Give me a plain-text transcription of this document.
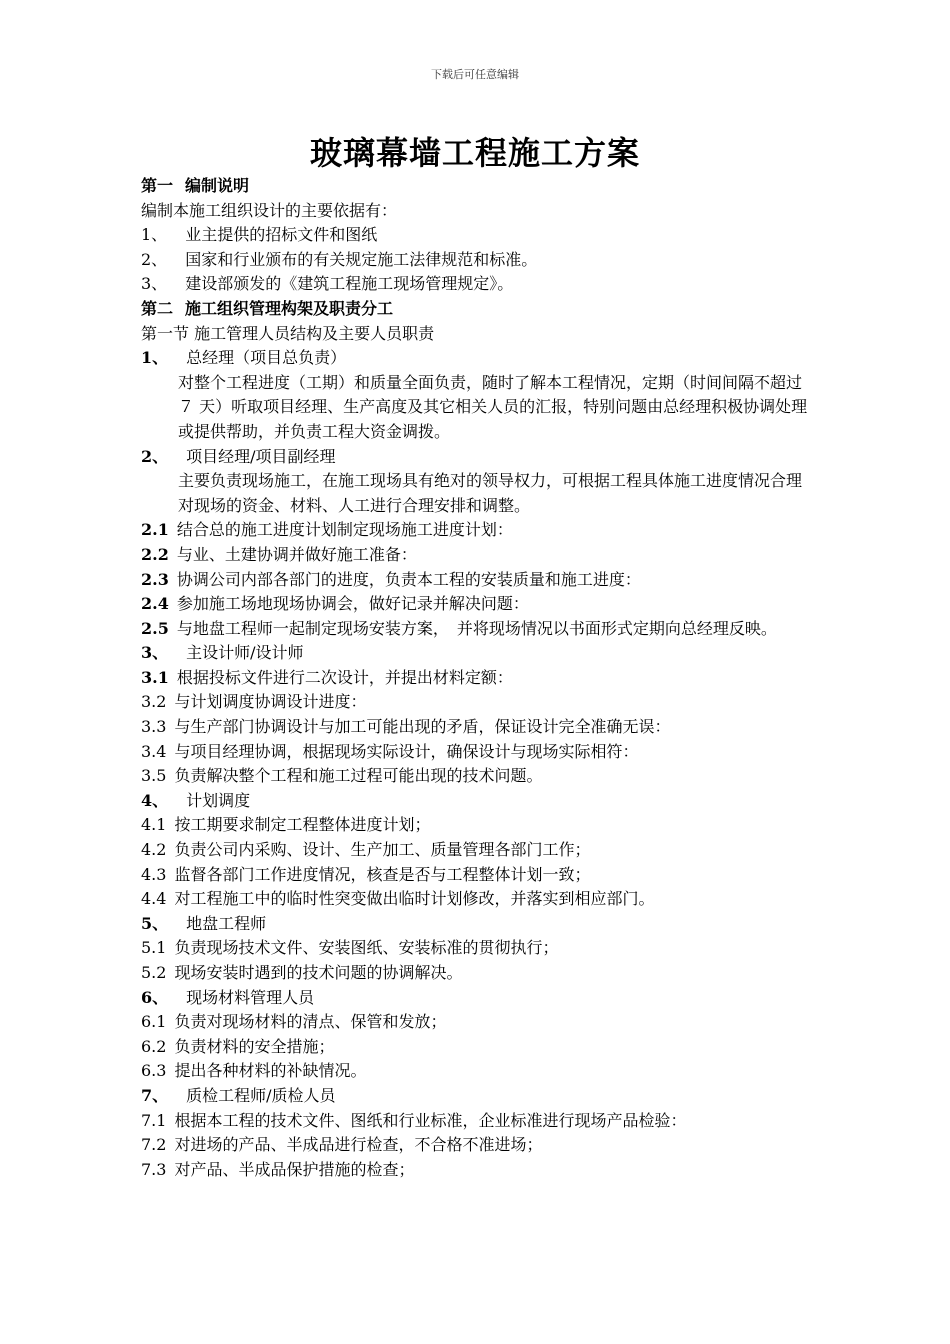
下载后可任意编辑
玻璃幕墙工程施工方案
第一 编制说明
编制本施工组织设计的主要依据有：
1、 业主提供的招标文件和图纸
2、 国家和行业颁布的有关规定施工法律规范和标准。
3、 建设部颁发的《建筑工程施工现场管理规定》。
第二 施工组织管理构架及职责分工
第一节 施工管理人员结构及主要人员职责
1、 总经理（项目总负责）
对整个工程进度（工期）和质量全面负责，随时了解本工程情况，定期（时间间隔不超过７ 天）听取项目经理、生产高度及其它相关人员的汇报，特别问题由总经理积极协调处理或提供帮助，并负责工程大资金调拨。
2、 项目经理/项目副经理
主要负责现场施工，在施工现场具有绝对的领导权力，可根据工程具体施工进度情况合理对现场的资金、材料、人工进行合理安排和调整。
2.1 结合总的施工进度计划制定现场施工进度计划：
2.2 与业、土建协调并做好施工准备：
2.3 协调公司内部各部门的进度，负责本工程的安装质量和施工进度：
2.4 参加施工场地现场协调会，做好记录并解决问题：
2.5 与地盘工程师一起制定现场安装方案，　并将现场情况以书面形式定期向总经理反映。
3、 主设计师/设计师
3.1 根据投标文件进行二次设计，并提出材料定额：
3.2 与计划调度协调设计进度：
3.3 与生产部门协调设计与加工可能出现的矛盾，保证设计完全准确无误：
3.4 与项目经理协调，根据现场实际设计，确保设计与现场实际相符：
3.5 负责解决整个工程和施工过程可能出现的技术问题。
4、 计划调度
4.1 按工期要求制定工程整体进度计划；
4.2 负责公司内采购、设计、生产加工、质量管理各部门工作；
4.3 监督各部门工作进度情况，核查是否与工程整体计划一致；
4.4 对工程施工中的临时性突变做出临时计划修改，并落实到相应部门。
5、 地盘工程师
5.1 负责现场技术文件、安装图纸、安装标准的贯彻执行；
5.2 现场安装时遇到的技术问题的协调解决。
6、 现场材料管理人员
6.1 负责对现场材料的清点、保管和发放；
6.2 负责材料的安全措施；
6.3 提出各种材料的补缺情况。
7、 质检工程师/质检人员
7.1 根据本工程的技术文件、图纸和行业标准，企业标准进行现场产品检验：
7.2 对进场的产品、半成品进行检查，不合格不准进场；
7.3 对产品、半成品保护措施的检查；
